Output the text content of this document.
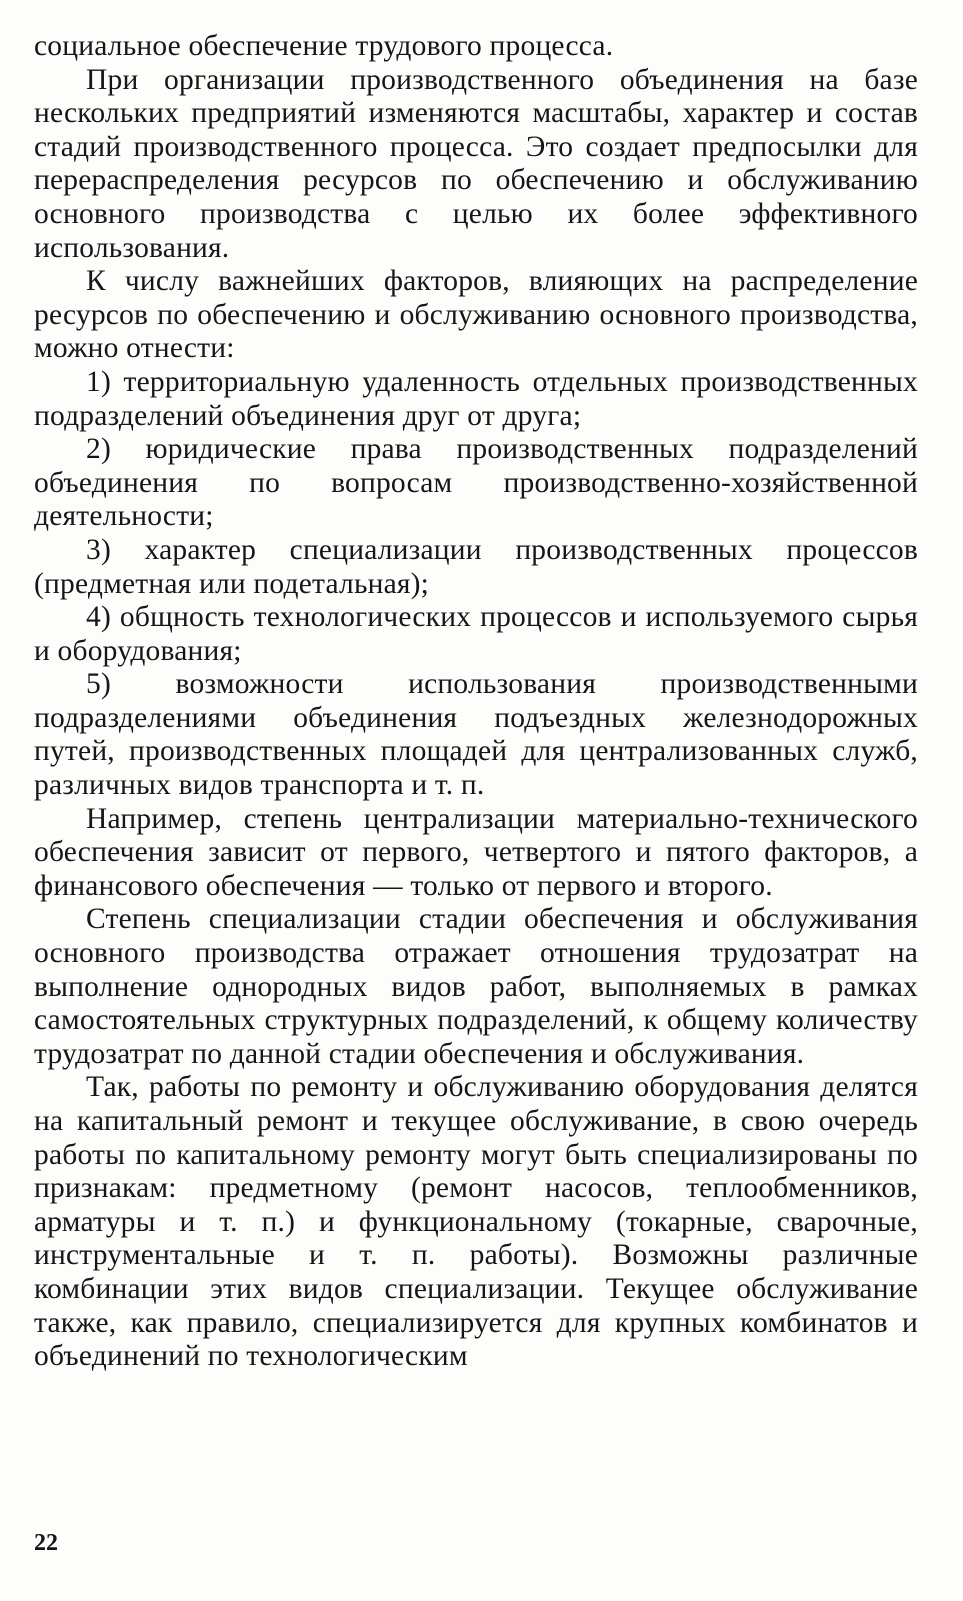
социальное обеспечение трудового процесса.

При организации производственного объединения на базе нескольких предприятий изменяются масштабы, характер и состав стадий производственного процесса. Это создает предпосылки для перераспределения ресурсов по обеспечению и обслуживанию основного производства с целью их более эффективного использования.

К числу важнейших факторов, влияющих на распределение ресурсов по обеспечению и обслуживанию основного производства, можно отнести:

1) территориальную удаленность отдельных производственных подразделений объединения друг от друга;

2) юридические права производственных подразделений объединения по вопросам производственно-хозяйственной деятельности;

3) характер специализации производственных процессов (предметная или подетальная);

4) общность технологических процессов и используемого сырья и оборудования;

5) возможности использования производственными подразделениями объединения подъездных железнодорожных путей, производственных площадей для централизованных служб, различных видов транспорта и т. п.

Например, степень централизации материально-технического обеспечения зависит от первого, четвертого и пятого факторов, а финансового обеспечения — только от первого и второго.

Степень специализации стадии обеспечения и обслуживания основного производства отражает отношения трудозатрат на выполнение однородных видов работ, выполняемых в рамках самостоятельных структурных подразделений, к общему количеству трудозатрат по данной стадии обеспечения и обслуживания.

Так, работы по ремонту и обслуживанию оборудования делятся на капитальный ремонт и текущее обслуживание, в свою очередь работы по капитальному ремонту могут быть специализированы по признакам: предметному (ремонт насосов, теплообменников, арматуры и т. п.) и функциональному (токарные, сварочные, инструментальные и т. п. работы). Возможны различные комбинации этих видов специализации. Текущее обслуживание также, как правило, специализируется для крупных комбинатов и объединений по технологическим

22
